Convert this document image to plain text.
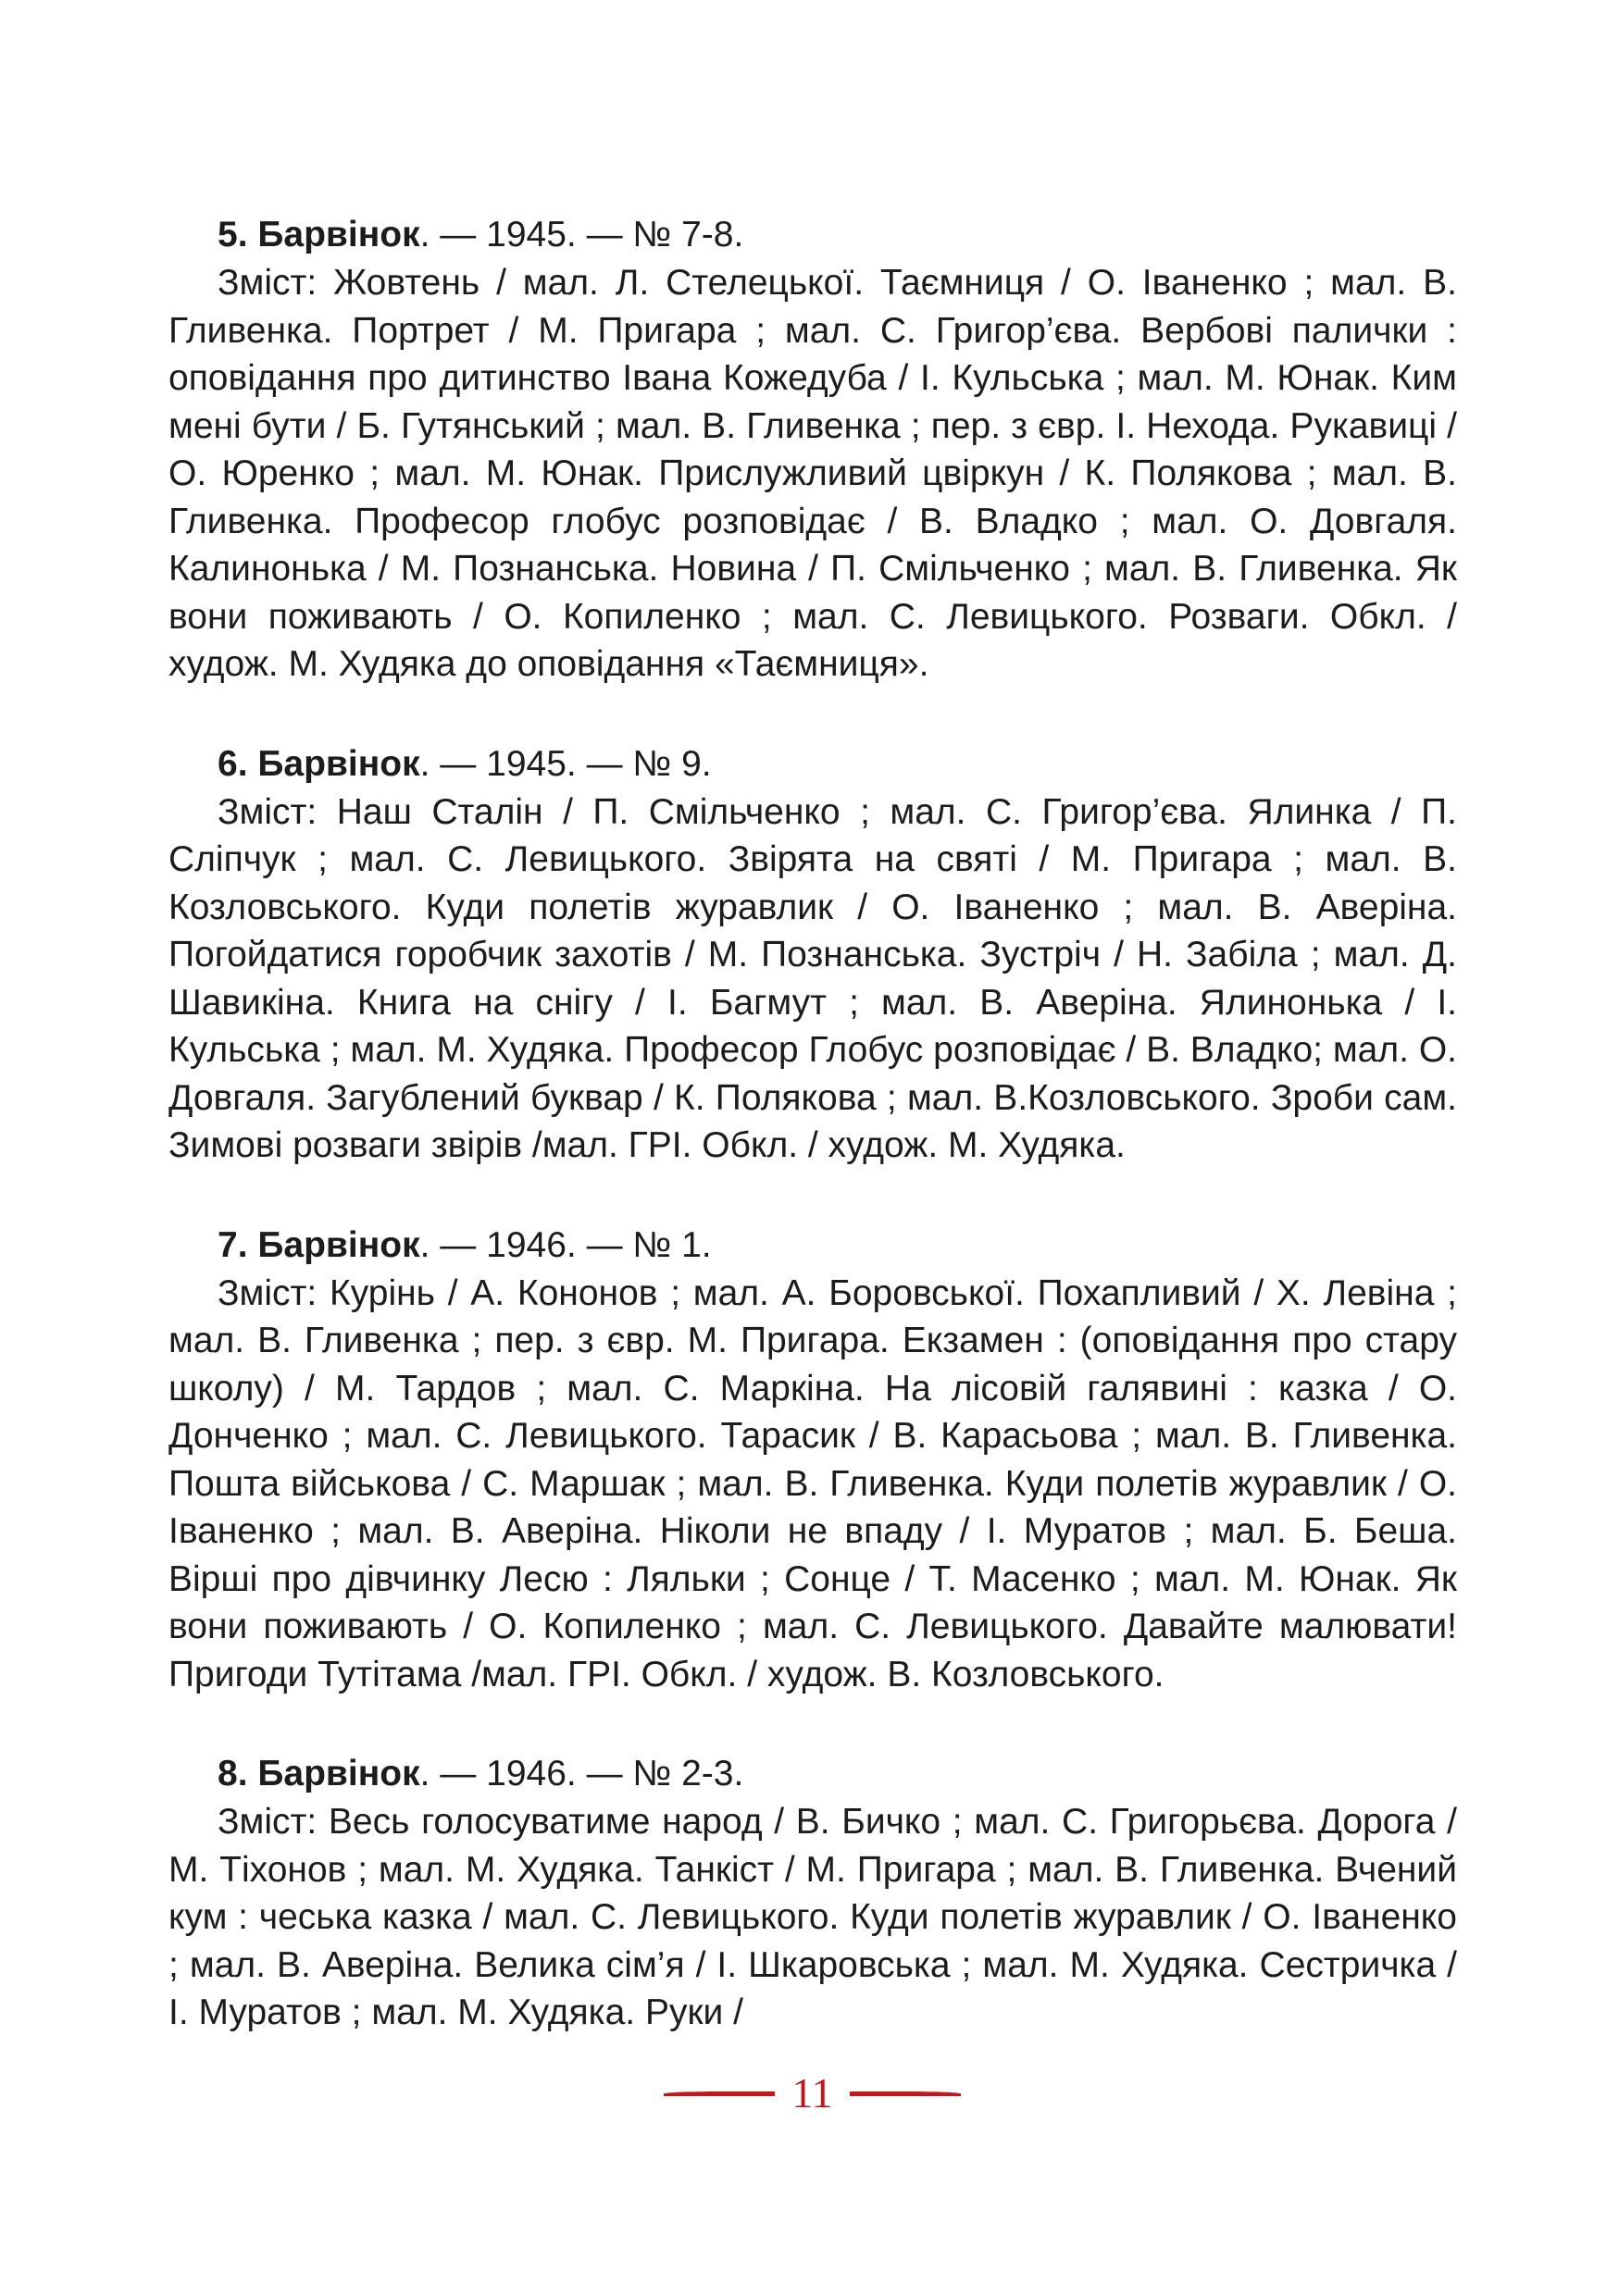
5. Барвінок. — 1945. — № 7-8.

Зміст: Жовтень / мал. Л. Стелецької. Таємниця / О. Іваненко ; мал. В. Гливенка. Портрет / М. Пригара ; мал. С. Григор’єва. Вербові палички : оповідання про дитинство Івана Кожедуба / І. Кульська ; мал. М. Юнак. Ким мені бути / Б. Гутянський ; мал. В. Гливенка ; пер. з євр. І. Нехода. Рукавиці / О. Юренко ; мал. М. Юнак. Прислужливий цвіркун / К. Полякова ; мал. В. Гливенка. Професор глобус розповідає / В. Владко ; мал. О. Довгаля. Калинонька / М. Познанська. Новина / П. Смільченко ; мал. В. Гливенка. Як вони поживають / О. Копиленко ; мал. С. Левицького. Розваги. Обкл. / худож. М. Худяка до оповідання «Таємниця».

6. Барвінок. — 1945. — № 9.

Зміст: Наш Сталін / П. Смільченко ; мал. С. Григор’єва. Ялинка / П. Сліпчук ; мал. С. Левицького. Звірята на святі / М. Пригара ; мал. В. Козловського. Куди полетів журавлик / О. Іваненко ; мал. В. Аверіна. Погойдатися горобчик захотів / М. Познанська. Зустріч / Н. Забіла ; мал. Д. Шавикіна. Книга на снігу / І. Багмут ; мал. В. Аверіна. Ялинонька / І. Кульська ; мал. М. Худяка. Професор Глобус розповідає / В. Владко; мал. О. Довгаля. Загублений буквар / К. Полякова ; мал. В.Козловського. Зроби сам. Зимові розваги звірів /мал. ГРІ. Обкл. / худож. М. Худяка.

7. Барвінок. — 1946. — № 1.

Зміст: Курінь / А. Кононов ; мал. А. Боровської. Похапливий / Х. Левіна ; мал. В. Гливенка ; пер. з євр. М. Пригара. Екзамен : (оповідання про стару школу) / М. Тардов ; мал. С. Маркіна. На лісовій галявині : казка / О. Донченко ; мал. С. Левицького. Тарасик / В. Карасьова ; мал. В. Гливенка. Пошта військова / С. Маршак ; мал. В. Гливенка. Куди полетів журавлик / О. Іваненко ; мал. В. Аверіна. Ніколи не впаду / І. Муратов ; мал. Б. Беша. Вірші про дівчинку Лесю : Ляльки ; Сонце / Т. Масенко ; мал. М. Юнак. Як вони поживають / О. Копиленко ; мал. С. Левицького. Давайте малювати! Пригоди Тутітама /мал. ГРІ. Обкл. / худож. В. Козловського.

8. Барвінок. — 1946. — № 2-3.

Зміст: Весь голосуватиме народ / В. Бичко ; мал. С. Григорьєва. Дорога / М. Тіхонов ; мал. М. Худяка. Танкіст / М. Пригара ; мал. В. Гливенка. Вчений кум : чеська казка / мал. С. Левицького. Куди полетів журавлик / О. Іваненко ; мал. В. Аверіна. Велика сім’я / І. Шкаровська ; мал. М. Худяка. Сестричка / І. Муратов ; мал. М. Худяка. Руки /

11
